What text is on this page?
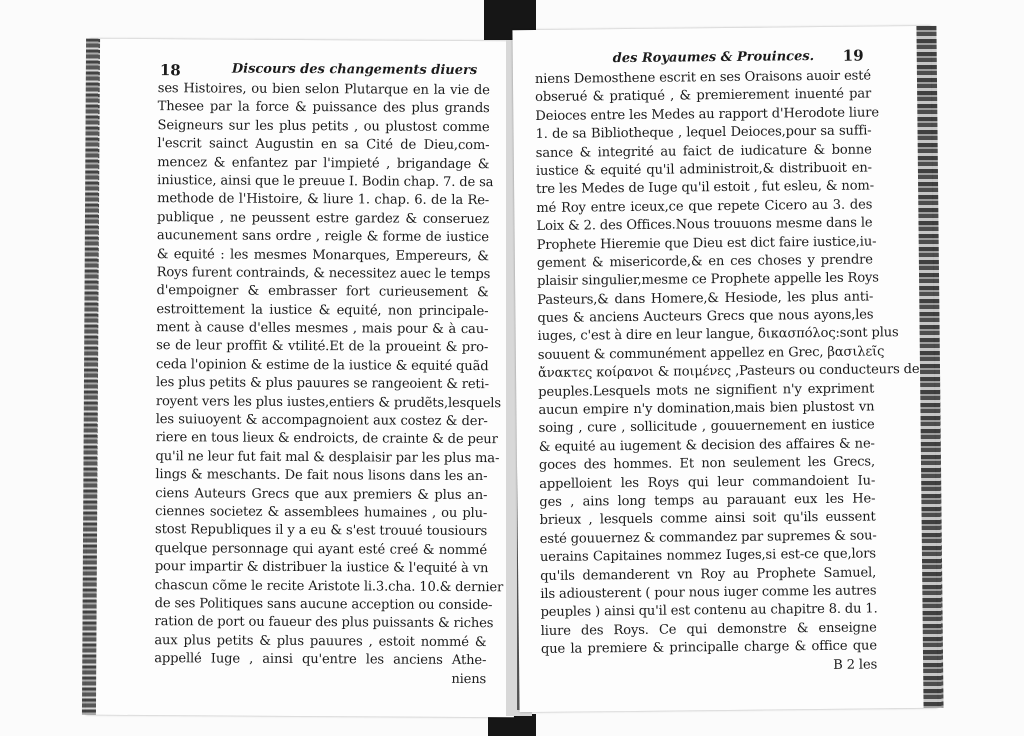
18	Discours des changements diuers
ses Histoires, ou bien selon Plutarque en la vie de
Thesee par la force & puissance des plus grands
Seigneurs sur les plus petits , ou plustost comme
l'escrit sainct Augustin en sa Cité de Dieu,com-
mencez & enfantez par l'impieté , brigandage &
iniustice, ainsi que le preuue I. Bodin chap. 7. de sa
methode de l'Histoire, & liure 1. chap. 6. de la Re-
publique , ne peussent estre gardez & conseruez
aucunement sans ordre , reigle & forme de iustice
& equité : les mesmes Monarques, Empereurs, &
Roys furent contrainds, & necessitez auec le temps
d'empoigner & embrasser fort curieusement &
estroittement la iustice & equité, non principale-
ment à cause d'elles mesmes , mais pour & à cau-
se de leur proffit & vtilité.Et de la proueint & pro-
ceda l'opinion & estime de la iustice & equité quãd
les plus petits & plus pauures se rangeoient & reti-
royent vers les plus iustes,entiers & prudẽts,lesquels
les suiuoyent & accompagnoient aux costez & der-
riere en tous lieux & endroicts, de crainte & de peur
qu'il ne leur fut fait mal & desplaisir par les plus ma-
lings & meschants. De fait nous lisons dans les an-
ciens Auteurs Grecs que aux premiers & plus an-
ciennes societez & assemblees humaines , ou plu-
stost Republiques il y a eu & s'est trouué tousiours
quelque personnage qui ayant esté creé & nommé
pour impartir & distribuer la iustice & l'equité à vn
chascun cõme le recite Aristote li.3.cha. 10.& dernier
de ses Politiques sans aucune acception ou conside-
ration de port ou faueur des plus puissants & riches
aux plus petits & plus pauures , estoit nommé &
appellé Iuge , ainsi qu'entre les anciens Athe-
niens
des Royaumes & Prouinces. 19
niens Demosthene escrit en ses Oraisons auoir esté
obserué & pratiqué , & premierement inuenté par
Deioces entre les Medes au rapport d'Herodote liure
1. de sa Bibliotheque , lequel Deioces,pour sa suffi-
sance & integrité au faict de iudicature & bonne
iustice & equité qu'il administroit,& distribuoit en-
tre les Medes de Iuge qu'il estoit , fut esleu, & nom-
mé Roy entre iceux,ce que repete Cicero au 3. des
Loix & 2. des Offices.Nous trouuons mesme dans le
Prophete Hieremie que Dieu est dict faire iustice,iu-
gement & misericorde,& en ces choses y prendre
plaisir singulier,mesme ce Prophete appelle les Roys
Pasteurs,& dans Homere,& Hesiode, les plus anti-
ques & anciens Aucteurs Grecs que nous ayons,les
iuges, c'est à dire en leur langue, δικασπόλος:sont plus
souuent & communément appellez en Grec, βασιλεῖς
ἄνακτες κοίρανοι & ποιμένες ,Pasteurs ou conducteurs de
peuples.Lesquels mots ne signifient n'y expriment
aucun empire n'y domination,mais bien plustost vn
soing , cure , sollicitude , gouuernement en iustice
& equité au iugement & decision des affaires & ne-
goces des hommes. Et non seulement les Grecs,
appelloient les Roys qui leur commandoient Iu-
ges , ains long temps au parauant eux les He-
brieux , lesquels comme ainsi soit qu'ils eussent
esté gouuernez & commandez par supremes & sou-
uerains Capitaines nommez Iuges,si est-ce que,lors
qu'ils demanderent vn Roy au Prophete Samuel,
ils adiousterent ( pour nous iuger comme les autres
peuples ) ainsi qu'il est contenu au chapitre 8. du 1.
liure des Roys. Ce qui demonstre & enseigne
que la premiere & principalle charge & office que
B 2 les
